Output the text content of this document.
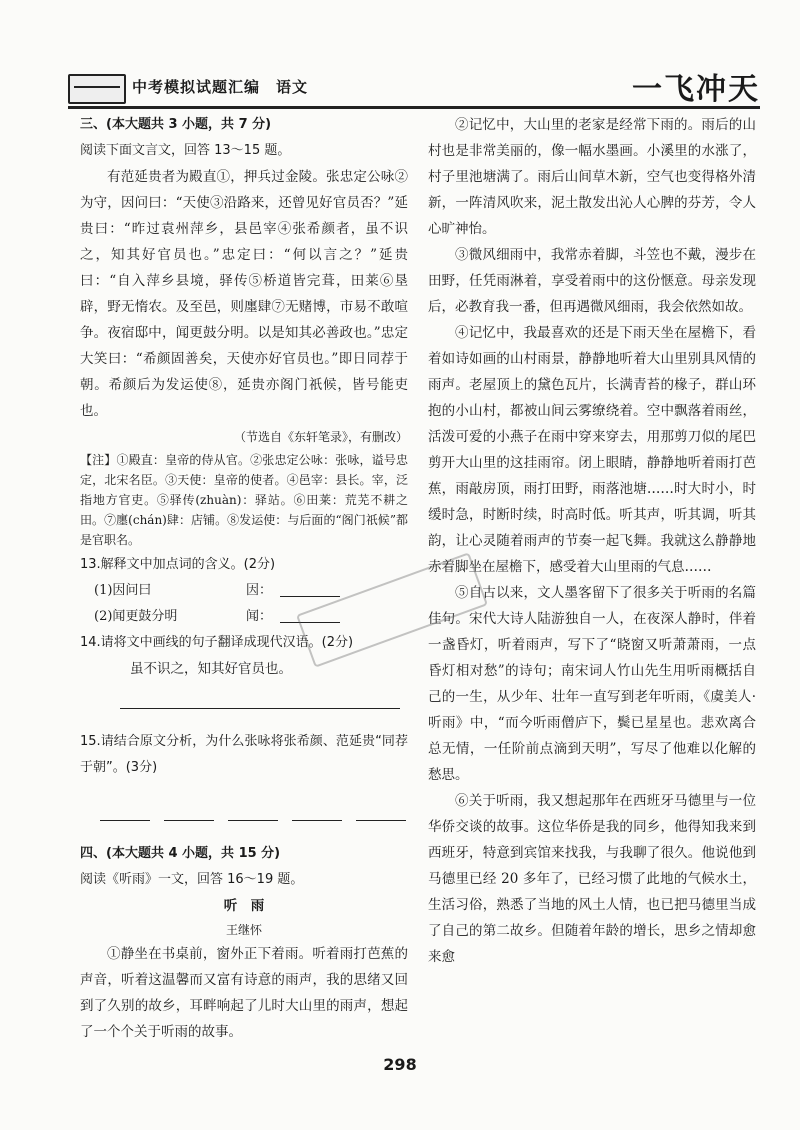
中考模拟试题汇编　语文	一飞冲天

三、(本大题共 3 小题，共 7 分)

阅读下面文言文，回答 13～15 题。

有范延贵者为殿直①，押兵过金陵。张忠定公咏②为守，因问曰：“天使③沿路来，还曾见好官员否？”延贵曰：“昨过袁州萍乡，县邑宰④张希颜者，虽不识之，知其好官员也。”忠定曰：“何以言之？”延贵曰：“自入萍乡县境，驿传⑤桥道皆完葺，田莱⑥垦辟，野无惰农。及至邑，则廛肆⑦无赌博，市易不敢喧争。夜宿邸中，闻更鼓分明。以是知其必善政也。”忠定大笑曰：“希颜固善矣，天使亦好官员也。”即日同荐于朝。希颜后为发运使⑧，延贵亦阁门祇候，皆号能吏也。

（节选自《东轩笔录》，有删改）

【注】①殿直：皇帝的侍从官。②张忠定公咏：张咏，谥号忠定，北宋名臣。③天使：皇帝的使者。④邑宰：县长。宰，泛指地方官吏。⑤驿传(zhuàn)：驿站。⑥田莱：荒芜不耕之田。⑦廛(chán)肆：店铺。⑧发运使：与后面的“阁门祇候”都是官职名。

13.解释文中加点词的含义。(2分)

(1)因问曰	因：
(2)闻更鼓分明	闻：

14.请将文中画线的句子翻译成现代汉语。(2分)

虽不识之，知其好官员也。

15.请结合原文分析，为什么张咏将张希颜、范延贵“同荐于朝”。(3分)

四、(本大题共 4 小题，共 15 分)

阅读《听雨》一文，回答 16～19 题。

听　雨

王继怀

①静坐在书桌前，窗外正下着雨。听着雨打芭蕉的声音，听着这温馨而又富有诗意的雨声，我的思绪又回到了久别的故乡，耳畔响起了儿时大山里的雨声，想起了一个个关于听雨的故事。

②记忆中，大山里的老家是经常下雨的。雨后的山村也是非常美丽的，像一幅水墨画。小溪里的水涨了，村子里池塘满了。雨后山间草木新，空气也变得格外清新，一阵清风吹来，泥土散发出沁人心脾的芬芳，令人心旷神怡。

③微风细雨中，我常赤着脚，斗笠也不戴，漫步在田野，任凭雨淋着，享受着雨中的这份惬意。母亲发现后，必教育我一番，但再遇微风细雨，我会依然如故。

④记忆中，我最喜欢的还是下雨天坐在屋檐下，看着如诗如画的山村雨景，静静地听着大山里别具风情的雨声。老屋顶上的黛色瓦片，长满青苔的椽子，群山环抱的小山村，都被山间云雾缭绕着。空中飘落着雨丝，活泼可爱的小燕子在雨中穿来穿去，用那剪刀似的尾巴剪开大山里的这挂雨帘。闭上眼睛，静静地听着雨打芭蕉，雨敲房顶，雨打田野，雨落池塘……时大时小，时缓时急，时断时续，时高时低。听其声，听其调，听其韵，让心灵随着雨声的节奏一起飞舞。我就这么静静地赤着脚坐在屋檐下，感受着大山里雨的气息……

⑤自古以来，文人墨客留下了很多关于听雨的名篇佳句。宋代大诗人陆游独自一人，在夜深人静时，伴着一盏昏灯，听着雨声，写下了“晓窗又听萧萧雨，一点昏灯相对愁”的诗句；南宋词人竹山先生用听雨概括自己的一生，从少年、壮年一直写到老年听雨，《虞美人·听雨》中，“而今听雨僧庐下，鬓已星星也。悲欢离合总无情，一任阶前点滴到天明”，写尽了他难以化解的愁思。

⑥关于听雨，我又想起那年在西班牙马德里与一位华侨交谈的故事。这位华侨是我的同乡，他得知我来到西班牙，特意到宾馆来找我，与我聊了很久。他说他到马德里已经 20 多年了，已经习惯了此地的气候水土，生活习俗，熟悉了当地的风土人情，也已把马德里当成了自己的第二故乡。但随着年龄的增长，思乡之情却愈来愈

298
